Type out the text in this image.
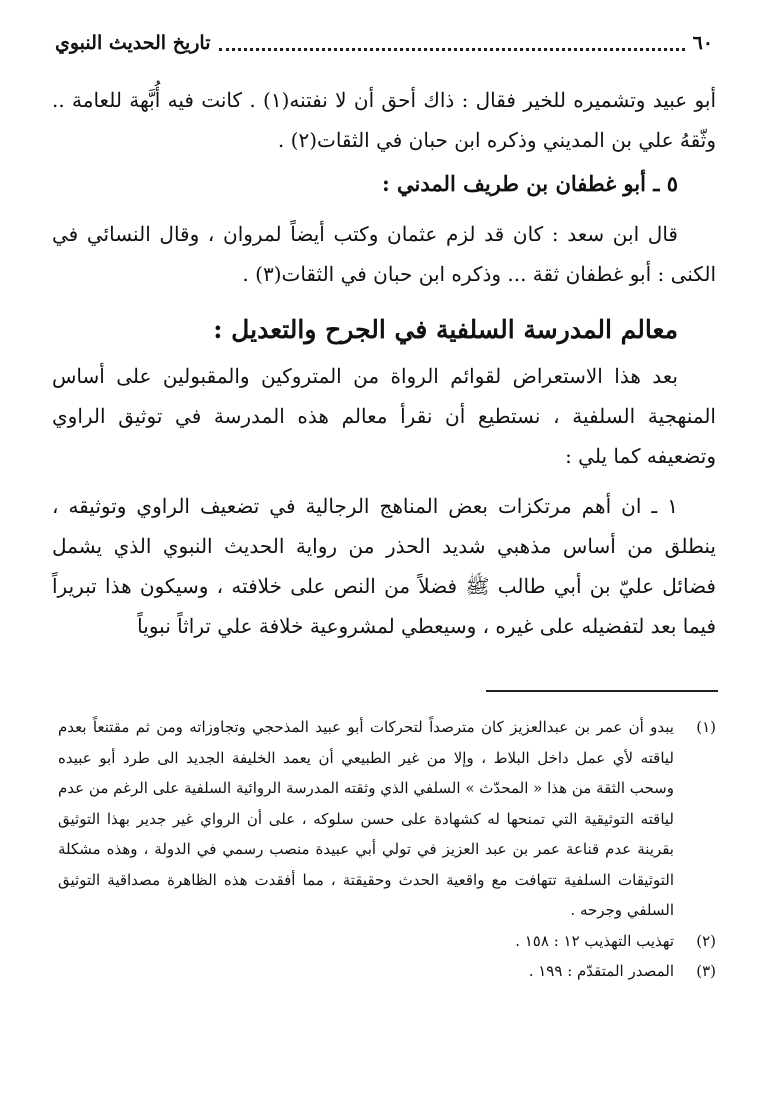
٦٠
تاريخ الحديث النبوي

أبو عبيد وتشميره للخير فقال : ذاك أحق أن لا نفتنه(١) . كانت فيه أُبَّهة للعامة .. وثّقهُ علي بن المديني وذكره ابن حبان في الثقات(٢) .

٥ ـ أبو غطفان بن طريف المدني :

قال ابن سعد : كان قد لزم عثمان وكتب أيضاً لمروان ، وقال النسائي في الكنى : أبو غطفان ثقة ... وذكره ابن حبان في الثقات(٣) .

معالم المدرسة السلفية في الجرح والتعديل :

بعد هذا الاستعراض لقوائم الرواة من المتروكين والمقبولين على أساس المنهجية السلفية ، نستطيع أن نقرأ معالم هذه المدرسة في توثيق الراوي وتضعيفه كما يلي :

١ ـ ان أهم مرتكزات بعض المناهج الرجالية في تضعيف الراوي وتوثيقه ، ينطلق من أساس مذهبي شديد الحذر من رواية الحديث النبوي الذي يشمل فضائل عليّ بن أبي طالب ﷺ فضلاً من النص على خلافته ، وسيكون هذا تبريراً فيما بعد لتفضيله على غيره ، وسيعطي لمشروعية خلافة علي تراثاً نبوياً

(١)يبدو أن عمر بن عبدالعزيز كان مترصداً لتحركات أبو عبيد المذحجي وتجاوزاته ومن ثم مقتنعاً بعدم لياقته لأي عمل داخل البلاط ، وإلا من غير الطبيعي أن يعمد الخليفة الجديد الى طرد أبو عبيده وسحب الثقة من هذا « المحدّث » السلفي الذي وثقته المدرسة الروائية السلفية على الرغم من عدم لياقته التوثيقية التي تمنحها له كشهادة على حسن سلوكه ، على أن الرواي غير جدير بهذا التوثيق بقرينة عدم قناعة عمر بن عبد العزيز في تولي أبي عبيدة منصب رسمي في الدولة ، وهذه مشكلة التوثيقات السلفية تتهافت مع واقعية الحدث وحقيقتة ، مما أفقدت هذه الظاهرة مصداقية التوثيق السلفي وجرحه .

(٢)تهذيب التهذيب ١٢ : ١٥٨ .

(٣)المصدر المتقدّم : ١٩٩ .
